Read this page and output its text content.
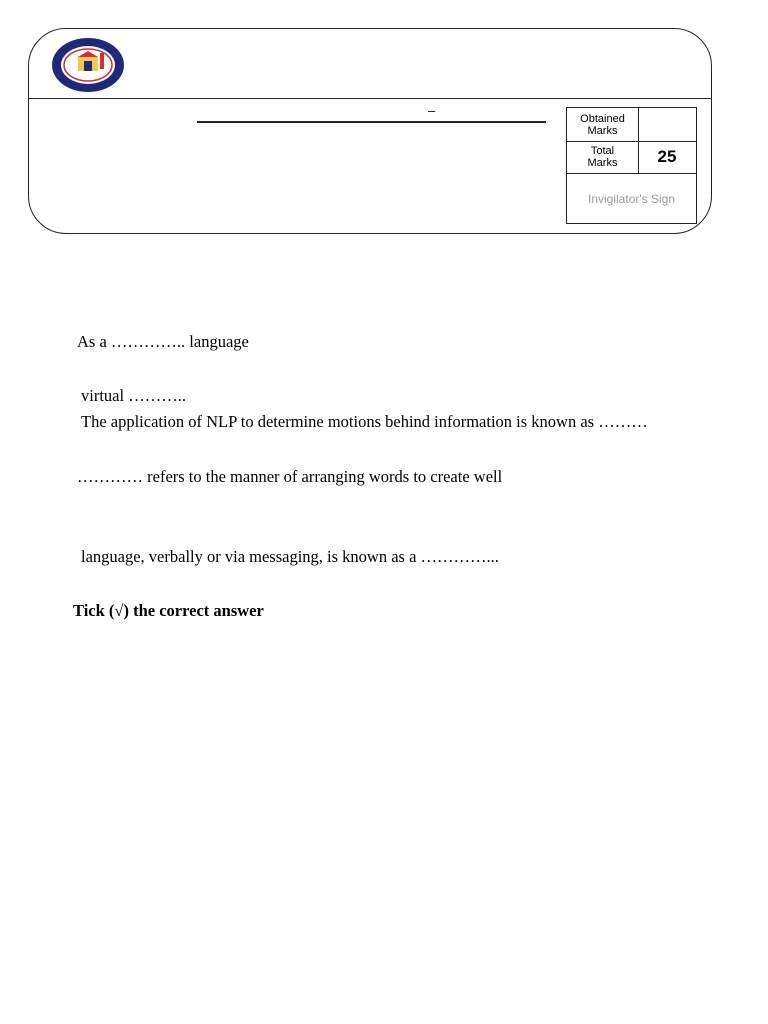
–
Obtained
Marks
Total
Marks	25
Invigilator's Sign
As a ………….. language
virtual ………..
The application of NLP to determine motions behind information is known as ………
………… refers to the manner of arranging words to create well
language, verbally or via messaging, is known as a …………...
Tick (√) the correct answer
